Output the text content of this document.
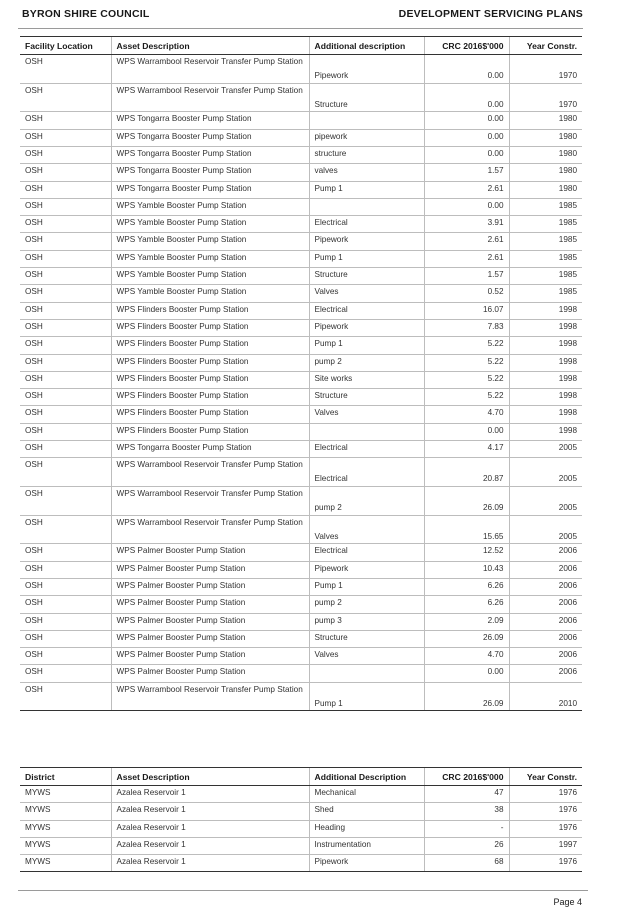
BYRON SHIRE COUNCIL	DEVELOPMENT SERVICING PLANS
Facility Location	Asset Description	Additional description	CRC 2016$'000	Year Constr.
OSH	WPS Warrambool Reservoir Transfer Pump Station	Pipework	0.00	1970
OSH	WPS Warrambool Reservoir Transfer Pump Station	Structure	0.00	1970
OSH	WPS Tongarra Booster Pump Station		0.00	1980
OSH	WPS Tongarra Booster Pump Station	pipework	0.00	1980
OSH	WPS Tongarra Booster Pump Station	structure	0.00	1980
OSH	WPS Tongarra Booster Pump Station	valves	1.57	1980
OSH	WPS Tongarra Booster Pump Station	Pump 1	2.61	1980
OSH	WPS Yamble Booster Pump Station		0.00	1985
OSH	WPS Yamble Booster Pump Station	Electrical	3.91	1985
OSH	WPS Yamble Booster Pump Station	Pipework	2.61	1985
OSH	WPS Yamble Booster Pump Station	Pump 1	2.61	1985
OSH	WPS Yamble Booster Pump Station	Structure	1.57	1985
OSH	WPS Yamble Booster Pump Station	Valves	0.52	1985
OSH	WPS Flinders Booster Pump Station	Electrical	16.07	1998
OSH	WPS Flinders Booster Pump Station	Pipework	7.83	1998
OSH	WPS Flinders Booster Pump Station	Pump 1	5.22	1998
OSH	WPS Flinders Booster Pump Station	pump 2	5.22	1998
OSH	WPS Flinders Booster Pump Station	Site works	5.22	1998
OSH	WPS Flinders Booster Pump Station	Structure	5.22	1998
OSH	WPS Flinders Booster Pump Station	Valves	4.70	1998
OSH	WPS Flinders Booster Pump Station		0.00	1998
OSH	WPS Tongarra Booster Pump Station	Electrical	4.17	2005
OSH	WPS Warrambool Reservoir Transfer Pump Station	Electrical	20.87	2005
OSH	WPS Warrambool Reservoir Transfer Pump Station	pump 2	26.09	2005
OSH	WPS Warrambool Reservoir Transfer Pump Station	Valves	15.65	2005
OSH	WPS Palmer Booster Pump Station	Electrical	12.52	2006
OSH	WPS Palmer Booster Pump Station	Pipework	10.43	2006
OSH	WPS Palmer Booster Pump Station	Pump 1	6.26	2006
OSH	WPS Palmer Booster Pump Station	pump 2	6.26	2006
OSH	WPS Palmer Booster Pump Station	pump 3	2.09	2006
OSH	WPS Palmer Booster Pump Station	Structure	26.09	2006
OSH	WPS Palmer Booster Pump Station	Valves	4.70	2006
OSH	WPS Palmer Booster Pump Station		0.00	2006
OSH	WPS Warrambool Reservoir Transfer Pump Station	Pump 1	26.09	2010
District	Asset Description	Additional Description	CRC 2016$'000	Year Constr.
MYWS	Azalea Reservoir 1	Mechanical	47	1976
MYWS	Azalea Reservoir 1	Shed	38	1976
MYWS	Azalea Reservoir 1	Heading	-	1976
MYWS	Azalea Reservoir 1	Instrumentation	26	1997
MYWS	Azalea Reservoir 1	Pipework	68	1976
Page 4
